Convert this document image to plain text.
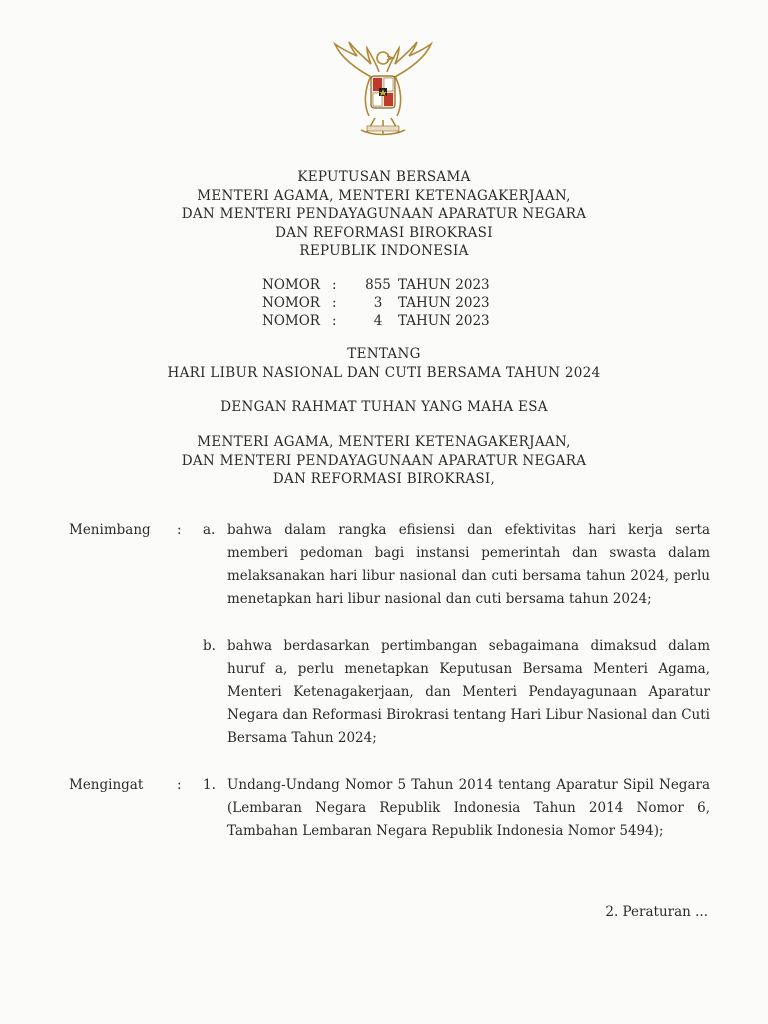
KEPUTUSAN BERSAMA
MENTERI AGAMA, MENTERI KETENAGAKERJAAN,
DAN MENTERI PENDAYAGUNAAN APARATUR NEGARA
DAN REFORMASI BIROKRASI
REPUBLIK INDONESIA
NOMOR	:	855	TAHUN 2023
NOMOR	:	3	TAHUN 2023
NOMOR	:	4	TAHUN 2023
TENTANG
HARI LIBUR NASIONAL DAN CUTI BERSAMA TAHUN 2024
DENGAN RAHMAT TUHAN YANG MAHA ESA
MENTERI AGAMA, MENTERI KETENAGAKERJAAN,
DAN MENTERI PENDAYAGUNAAN APARATUR NEGARA
DAN REFORMASI BIROKRASI,
Menimbang : a. bahwa dalam rangka efisiensi dan efektivitas hari kerja serta memberi pedoman bagi instansi pemerintah dan swasta dalam melaksanakan hari libur nasional dan cuti bersama tahun 2024, perlu menetapkan hari libur nasional dan cuti bersama tahun 2024;
b. bahwa berdasarkan pertimbangan sebagaimana dimaksud dalam huruf a, perlu menetapkan Keputusan Bersama Menteri Agama, Menteri Ketenagakerjaan, dan Menteri Pendayagunaan Aparatur Negara dan Reformasi Birokrasi tentang Hari Libur Nasional dan Cuti Bersama Tahun 2024;
Mengingat : 1. Undang-Undang Nomor 5 Tahun 2014 tentang Aparatur Sipil Negara (Lembaran Negara Republik Indonesia Tahun 2014 Nomor 6, Tambahan Lembaran Negara Republik Indonesia Nomor 5494);
2. Peraturan ...
